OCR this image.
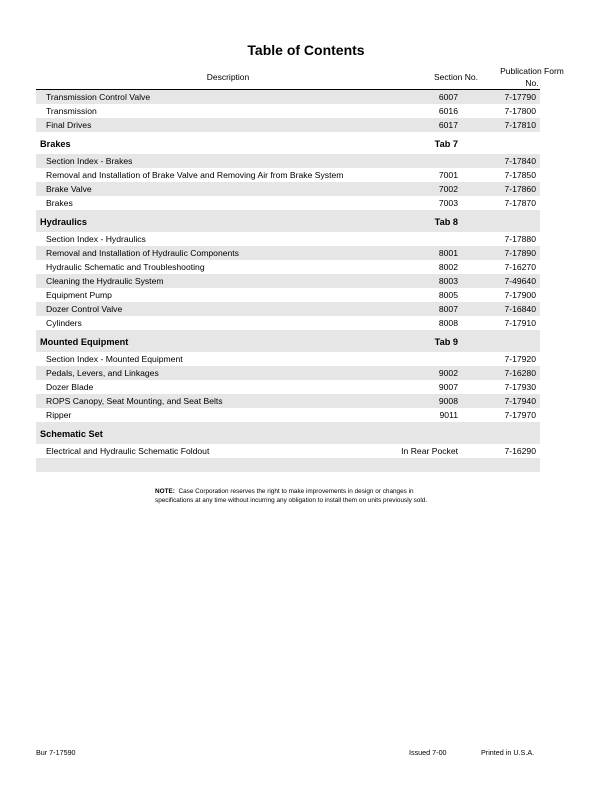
Table of Contents
Description	Section No.
Publication Form
No.
Transmission Control Valve	6007	7-17790
Transmission	6016	7-17800
Final Drives	6017	7-17810
Brakes	Tab 7
Section Index - Brakes	7-17840
Removal and Installation of Brake Valve and Removing Air from Brake System	7001	7-17850
Brake Valve	7002	7-17860
Brakes	7003	7-17870
Hydraulics	Tab 8
Section Index - Hydraulics	7-17880
Removal and Installation of Hydraulic Components	8001	7-17890
Hydraulic Schematic and Troubleshooting	8002	7-16270
Cleaning the Hydraulic System	8003	7-49640
Equipment Pump	8005	7-17900
Dozer Control Valve	8007	7-16840
Cylinders	8008	7-17910
Mounted Equipment	Tab 9
Section Index - Mounted Equipment	7-17920
Pedals, Levers, and Linkages	9002	7-16280
Dozer Blade	9007	7-17930
ROPS Canopy, Seat Mounting, and Seat Belts	9008	7-17940
Ripper	9011	7-17970
Schematic Set
Electrical and Hydraulic Schematic Foldout	In Rear Pocket	7-16290
NOTE: Case Corporation reserves the right to make improvements in design or changes in specifications at any time without incurring any obligation to install them on units previously sold.
Bur 7-17590	Issued 7-00	Printed in U.S.A.
